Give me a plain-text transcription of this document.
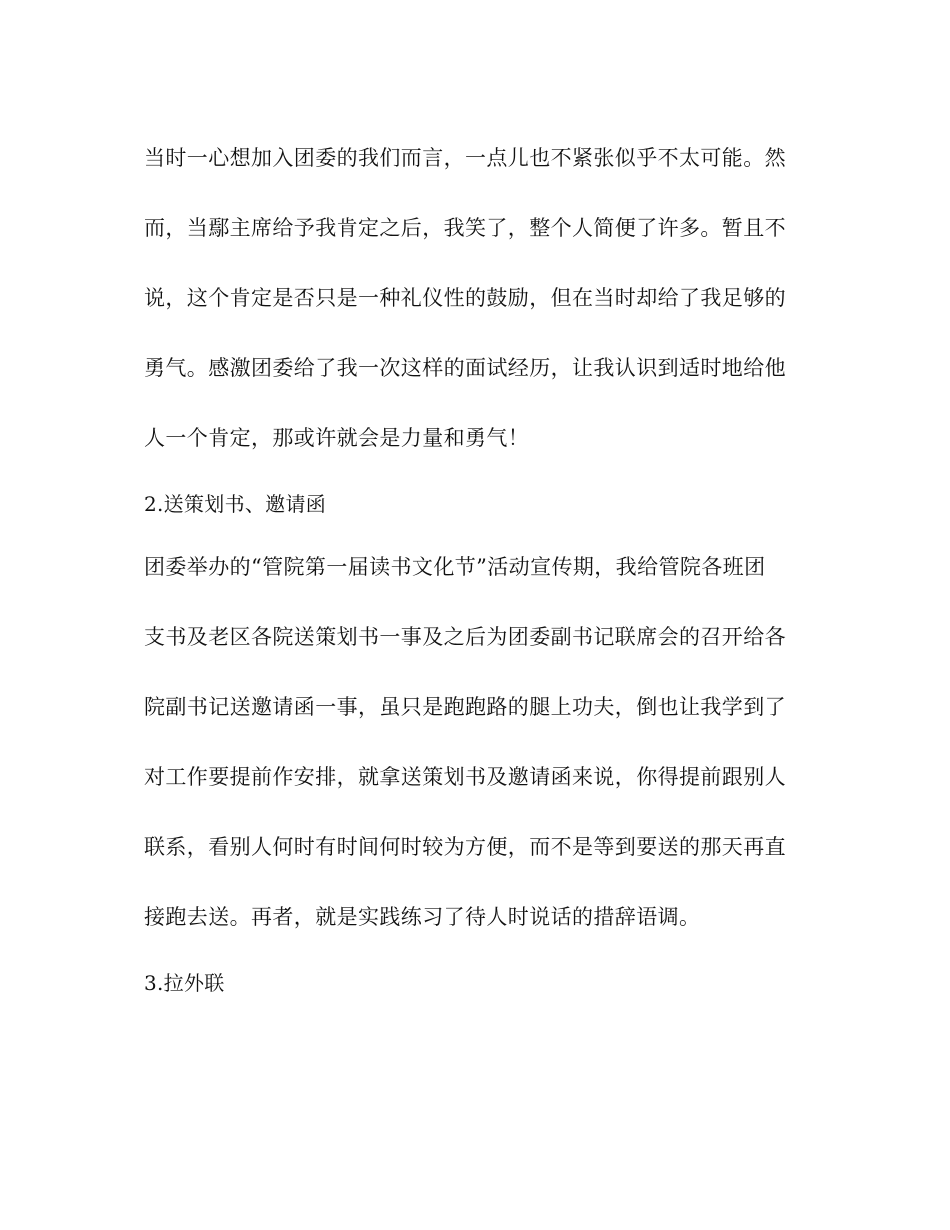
当时一心想加入团委的我们而言，一点儿也不紧张似乎不太可能。然
而，当鄢主席给予我肯定之后，我笑了，整个人简便了许多。暂且不
说，这个肯定是否只是一种礼仪性的鼓励，但在当时却给了我足够的
勇气。感激团委给了我一次这样的面试经历，让我认识到适时地给他
人一个肯定，那或许就会是力量和勇气！
2.送策划书、邀请函
团委举办的“管院第一届读书文化节”活动宣传期，我给管院各班团
支书及老区各院送策划书一事及之后为团委副书记联席会的召开给各
院副书记送邀请函一事，虽只是跑跑路的腿上功夫，倒也让我学到了
对工作要提前作安排，就拿送策划书及邀请函来说，你得提前跟别人
联系，看别人何时有时间何时较为方便，而不是等到要送的那天再直
接跑去送。再者，就是实践练习了待人时说话的措辞语调。
3.拉外联
